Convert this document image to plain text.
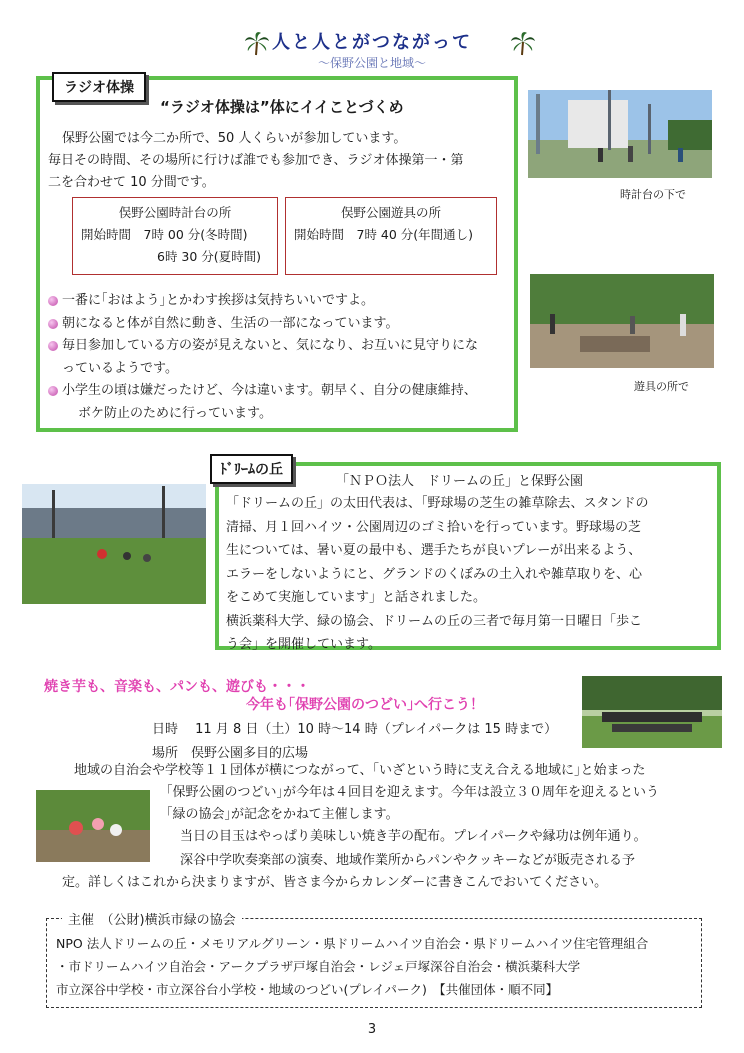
人と人とがつながって
～保野公園と地域～
ラジオ体操
“ラジオ体操は”体にイイことづくめ
保野公園では今二か所で、50 人くらいが参加しています。
毎日その時間、その場所に行けば誰でも参加でき、ラジオ体操第一・第
二を合わせて 10 分間です。
俣野公園時計台の所
開始時間　7時 00 分(冬時間)
6時 30 分(夏時間)
俣野公園遊具の所
開始時間　7時 40 分(年間通し)
一番に｢おはよう｣とかわす挨拶は気持ちいいですよ。
朝になると体が自然に動き、生活の一部になっています。
毎日参加している方の姿が見えないと、気になり、お互いに見守りにな
っているようです。
小学生の頃は嫌だったけど、今は違います。朝早く、自分の健康維持、
ボケ防止のために行っています。
時計台の下で
遊具の所で
ﾄﾞﾘｰﾑの丘
「ＮＰＯ法人　ドリームの丘」と保野公園
「ドリームの丘」の太田代表は、「野球場の芝生の雑草除去、スタンドの
清掃、月１回ハイツ・公園周辺のゴミ拾いを行っています。野球場の芝
生については、暑い夏の最中も、選手たちが良いプレーが出来るよう、
エラーをしないようにと、グランドのくぼみの土入れや雑草取りを、心
をこめて実施しています」と話されました。
横浜薬科大学、緑の協会、ドリームの丘の三者で毎月第一日曜日「歩こ
う会」を開催しています。
焼き芋も、音楽も、パンも、遊びも・・・
今年も｢保野公園のつどい｣へ行こう！
日時　 11 月 8 日（土）10 時～14 時（プレイパークは 15 時まで）
場所　俣野公園多目的広場
地域の自治会や学校等１１団体が横につながって、｢いざという時に支え合える地域に｣と始まった
｢保野公園のつどい｣が今年は４回目を迎えます。今年は設立３０周年を迎えるという
｢緑の協会｣が記念をかねて主催します。
当日の目玉はやっぱり美味しい焼き芋の配布。プレイパークや縁功は例年通り。
深谷中学吹奏楽部の演奏、地域作業所からパンやクッキーなどが販売される予
定。詳しくはこれから決まりますが、皆さま今からカレンダーに書きこんでおいてください。
主催　（公財)横浜市緑の協会
NPO 法人ドリームの丘・メモリアルグリーン・県ドリームハイツ自治会・県ドリームハイツ住宅管理組合
・市ドリームハイツ自治会・アークプラザ戸塚自治会・レジェ戸塚深谷自治会・横浜薬科大学
市立深谷中学校・市立深谷台小学校・地域のつどい(プレイパーク)　【共催団体・順不同】
3
